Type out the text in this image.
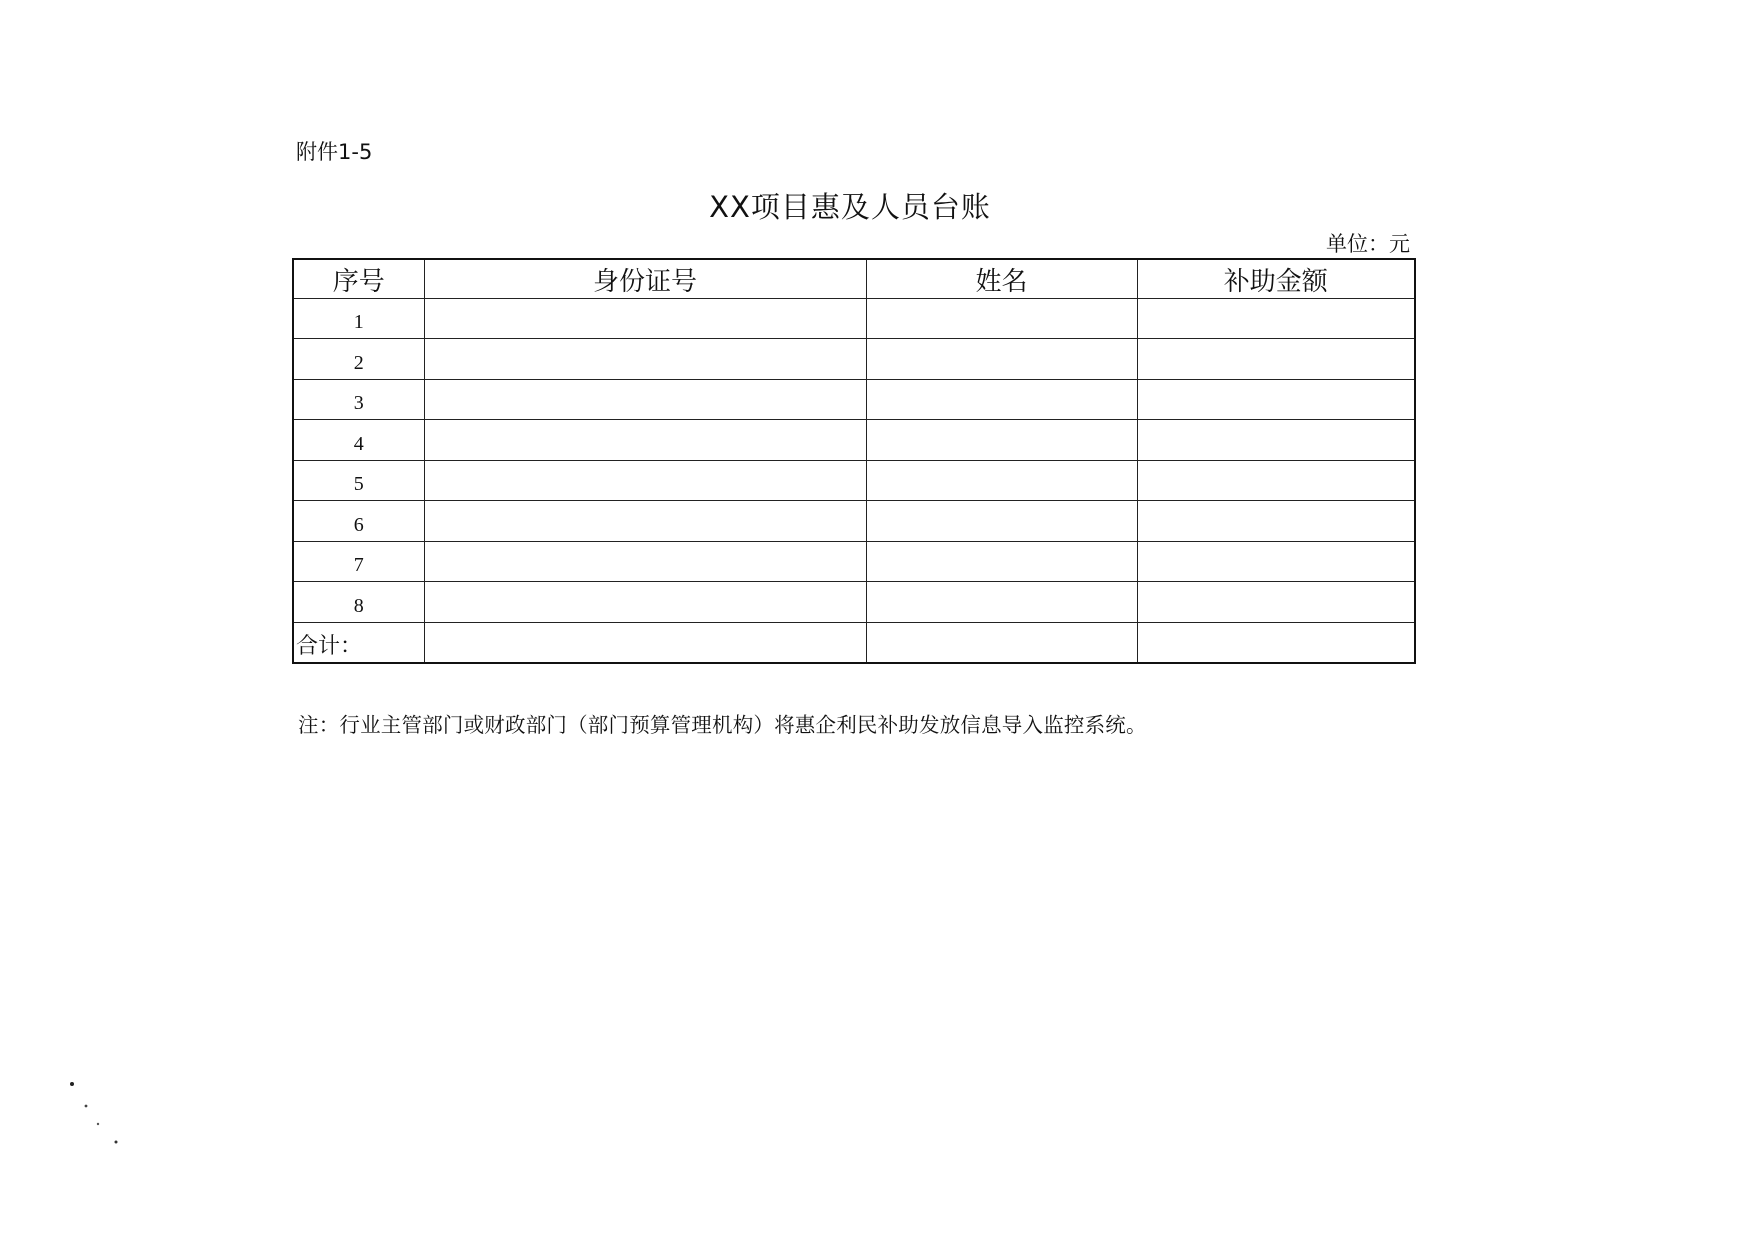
附件1-5
XX项目惠及人员台账
单位：元
序号	身份证号	姓名	补助金额
1			
2			
3			
4			
5			
6			
7			
8			
合计：			
注：行业主管部门或财政部门（部门预算管理机构）将惠企利民补助发放信息导入监控系统。
